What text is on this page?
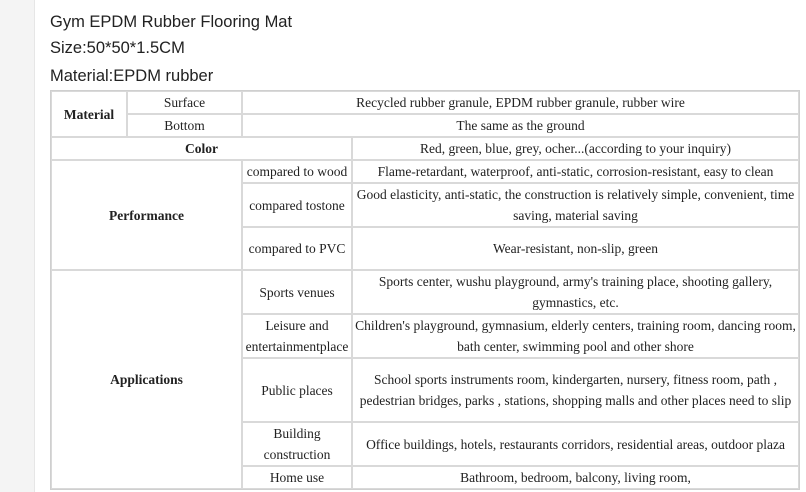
Gym EPDM Rubber Flooring Mat
Size:50*50*1.5CM
Material:EPDM rubber
Material	Surface	Recycled rubber granule, EPDM rubber granule, rubber wire	
	Bottom	The same as the ground	
Color			Red, green, blue, grey, ocher...(according to your inquiry)
Performance		compared to wood	Flame-retardant, waterproof, anti-static, corrosion-resistant, easy to clean
		compared tostone	Good elasticity, anti-static, the construction is relatively simple, convenient, time saving, material saving
		compared to PVC	Wear-resistant, non-slip, green
Applications		Sports venues	Sports center, wushu playground, army's training place, shooting gallery, gymnastics, etc.
		Leisure and entertainmentplace	Children's playground, gymnasium, elderly centers, training room, dancing room, bath center, swimming pool and other shore
		Public places	School sports instruments room, kindergarten, nursery, fitness room, path , pedestrian bridges, parks , stations, shopping malls and other places need to slip
		Building construction	Office buildings, hotels, restaurants corridors, residential areas, outdoor plaza
		Home use	Bathroom, bedroom, balcony, living room,
